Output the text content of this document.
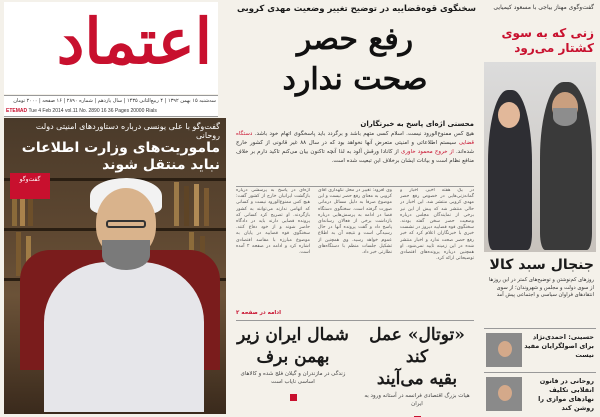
اعتماد
سه‌شنبه ۱۵ بهمن ۱۳۹۲ | ۴ ربیع‌الثانی ۱۴۳۵ | سال یازدهم | شماره ۲۸۹۰ | ۱۶ صفحه | ۲۰۰۰ تومان
ETEMAD Tue 4 Feb 2014 vol.11 No. 2890 16 36 Pages 20000 Rials
گفت‌وگو با علی یونسی درباره دستاوردهای امنیتی دولت روحانی
ماموریت‌های وزارت اطلاعات نباید منتقل شوند
گفت‌وگو
سخنگوی قوه‌قضاییه در توضیح تغییر وضعیت مهدی کروبی
رفع حصر
صحت ندارد
محسنی اژه‌ای پاسخ به خبرنگاران
هیچ کس ممنوع‌الورود نیست. اسلام کسی متهم باشد و برگردد باید پاسخگوی اتهام خود باشد. دستگاه قضایی سیستم اطلاعاتی و امنیتی متعرض آنها نخواهد بود که در سال ۸۸ غیر قانونی از کشور خارج شده‌اند. از خروج محمود خاوری از کانادا ورقش آلود به لذا آنچه تاکنون بیان می‌کنم تاکید دارم بر خلاف منافع نظام است و بیانات ایشان برخلاف این تبعیت شده است.
در یک هفته اخیر، اخبار و گمانه‌زنی‌هایی در خصوص رفع حصر مهدی کروبی منتشر شد. این اخبار در حالی منتشر شد که پیش از این نیز برخی از نمایندگان مجلس درباره وضعیت حصر سخن گفته بودند. سخنگوی قوه قضاییه دیروز در نشست خبری با خبرنگاران اعلام کرد که خبر رفع حصر صحت ندارد و اخبار منتشر شده در این زمینه تایید نمی‌شود. او همچنین درباره پرونده‌های اقتصادی توضیحاتی ارائه کرد.
وی افزود: تغییر در محل نگهداری آقای کروبی به معنای رفع حصر نیست و این موضوع صرفا به دلیل مسائل درمانی صورت گرفته است. سخنگوی دستگاه قضا در ادامه به پرسش‌هایی درباره بازداشت برخی از فعالان رسانه‌ای پاسخ داد و گفت پرونده آنها در حال رسیدگی است و نتیجه آن به اطلاع عموم خواهد رسید. وی همچنین از تشکیل جلسات منظم با دستگاه‌های نظارتی خبر داد.
اژه‌ای در پاسخ به پرسشی درباره بازگشت ایرانیان خارج از کشور گفت: هیچ کس ممنوع‌الورود نیست و کسانی که اتهامی ندارند می‌توانند به کشور بازگردند. او تصریح کرد کسانی که پرونده قضایی دارند باید در دادگاه حاضر شوند و از خود دفاع کنند. سخنگوی قوه قضاییه در پایان به موضوع مبارزه با مفاسد اقتصادی اشاره کرد و ادامه در صفحه ۲ آمده است.
ادامه در صفحه ۲
شمال ایران زیر بهمن برف
زندگی در مازندران و گیلان فلج شده و کالاهای اساسی نایاب است
«توتال» عمل کند
بقیه می‌آیند
هیات بزرگ اقتصادی فرانسه در آستانه ورود به ایران
گفت‌وگوی مهناز بیاجی با مسعود کیمیایی
زنی که به سوی کشتار می‌رود
جنجال سبد کالا
روزهای کم‌نوشتن و توضیح‌های کمتر در این روزها از سوی دولت و مجلس و شهروندان؛ از سوی انتقادهای فراوان سیاسی و اجتماعی پیش آمد
حسینی: احمدی‌نژاد برای اصولگرایان مفید نیست
روحانی در قانون انقلابی تکلیف نهادهای موازی را روشن کند
